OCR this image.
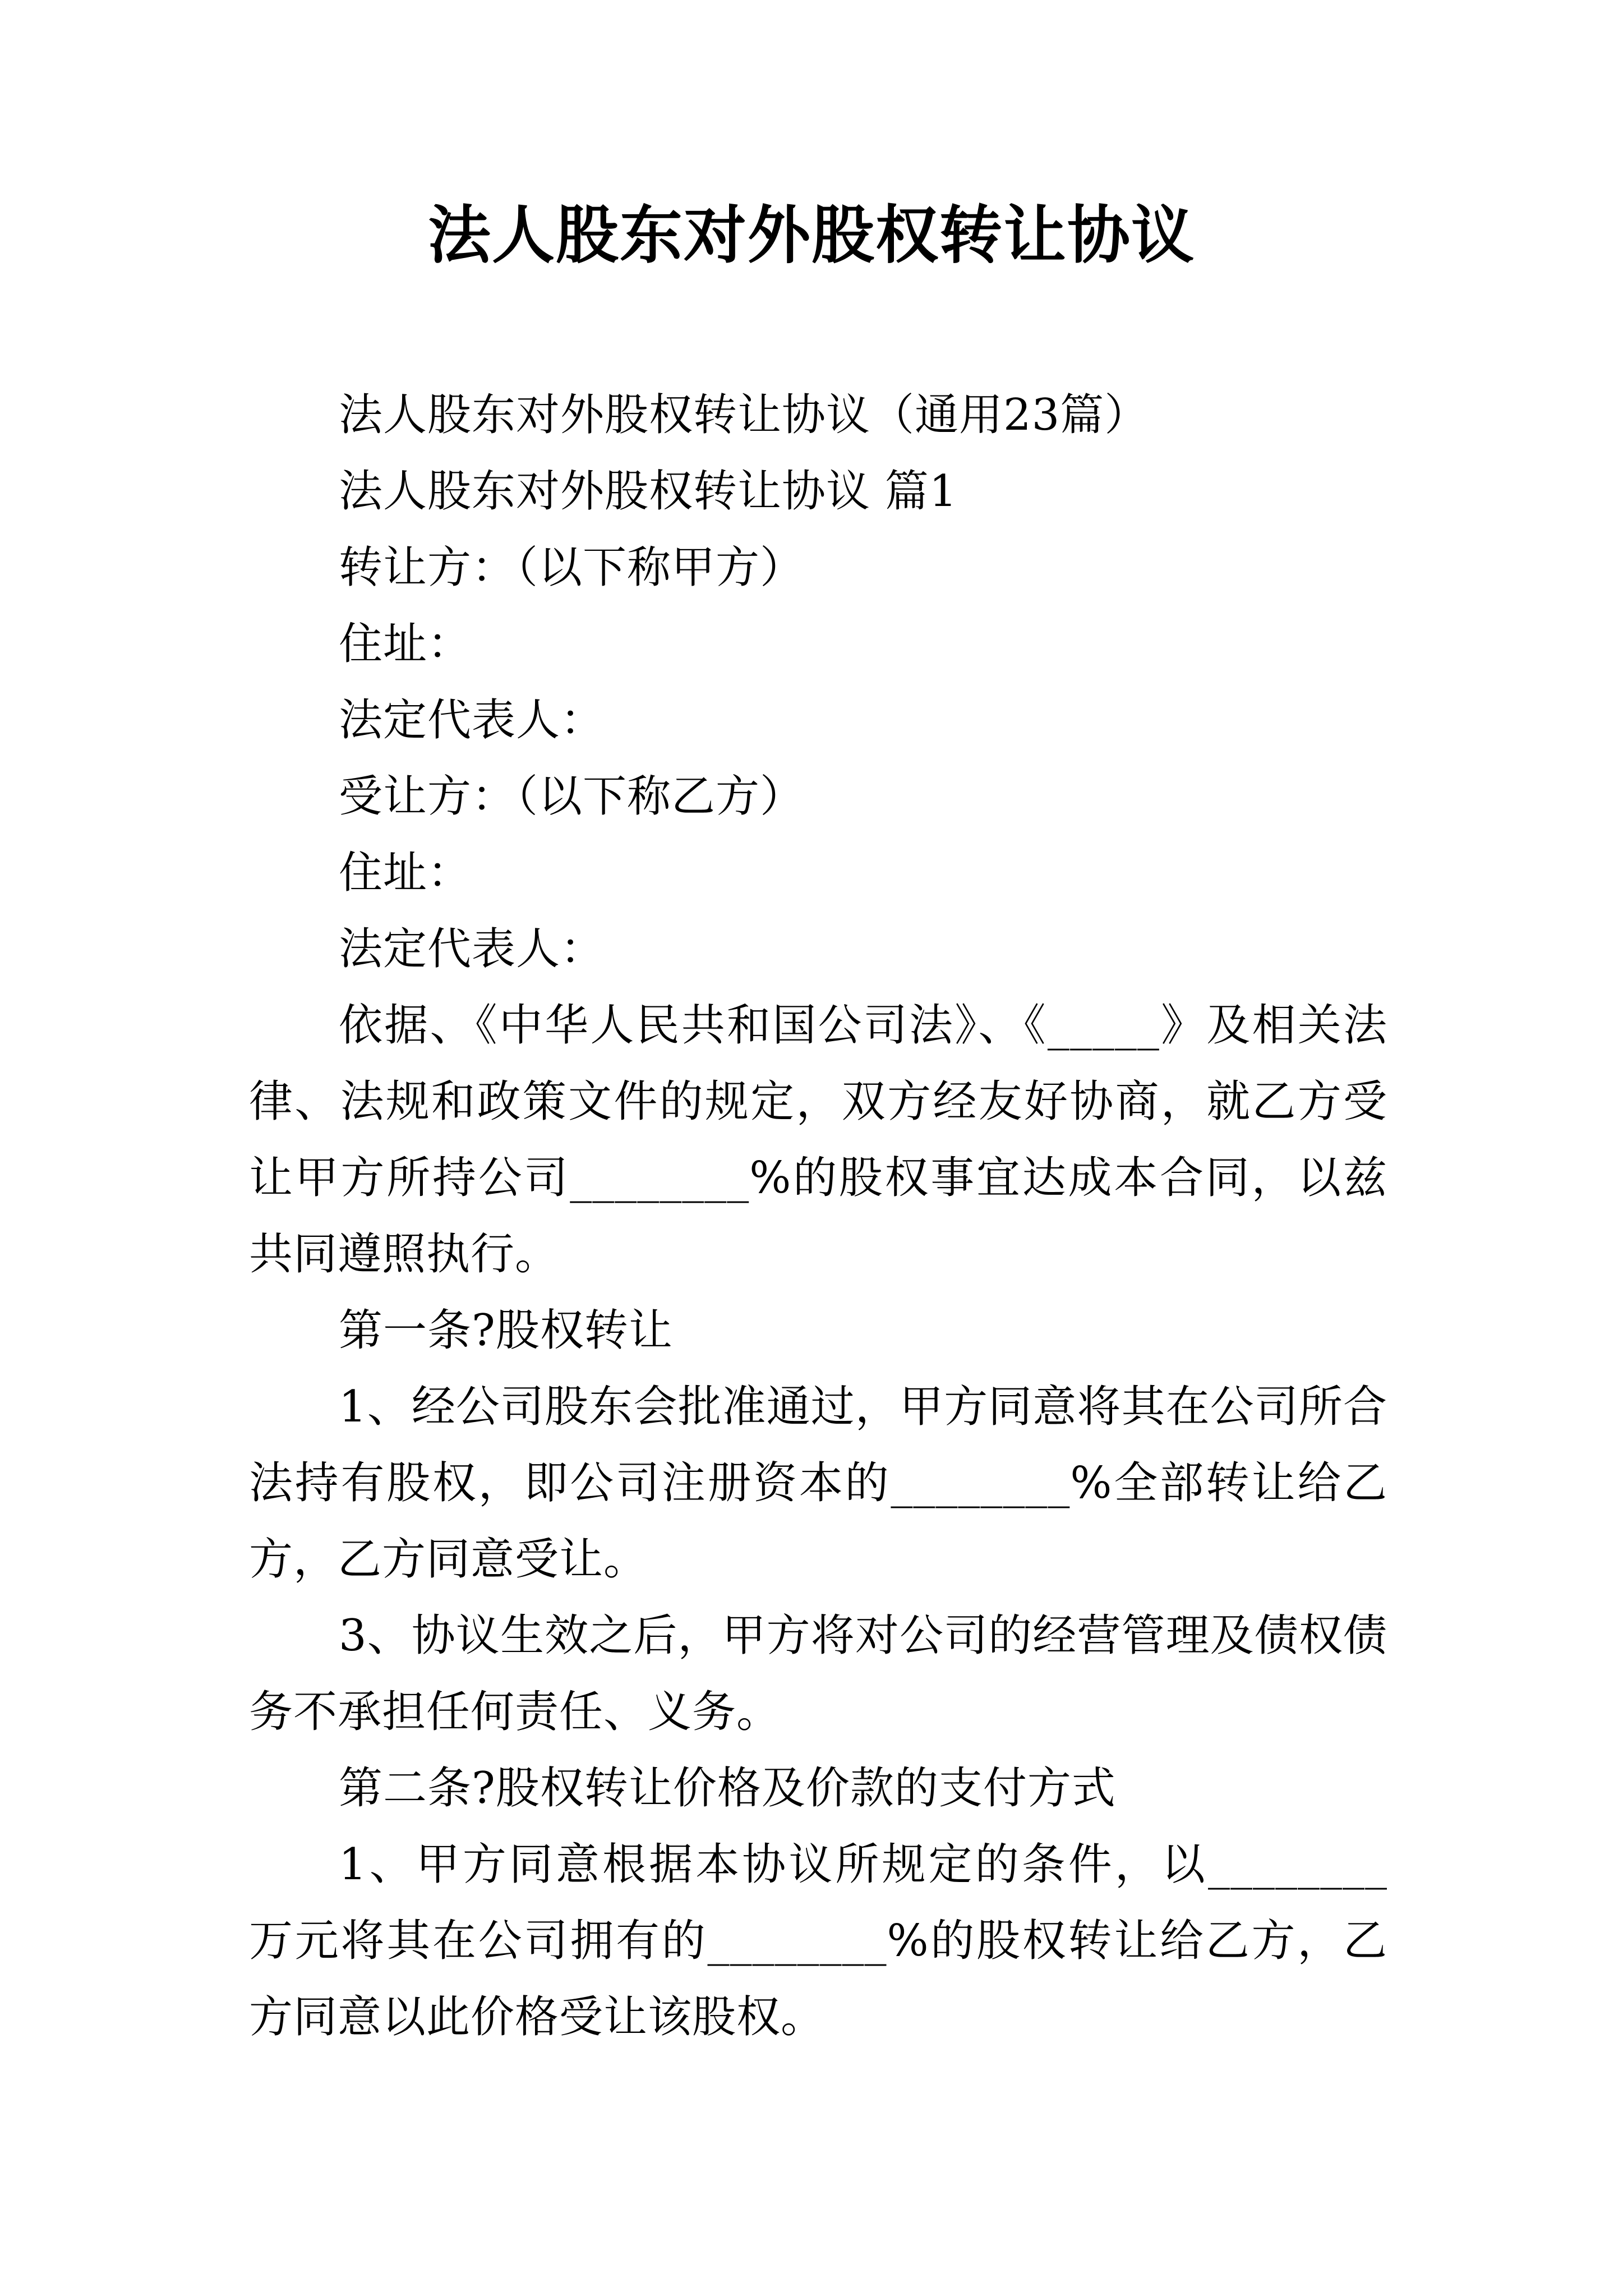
法人股东对外股权转让协议

法人股东对外股权转让协议（通用23篇）

法人股东对外股权转让协议 篇1

转让方：（以下称甲方）

住址：

法定代表人：

受让方：（以下称乙方）

住址：

法定代表人：

依据、《中华人民共和国公司法》、《_____》及相关法律、法规和政策文件的规定，双方经友好协商，就乙方受让甲方所持公司________%的股权事宜达成本合同，以兹共同遵照执行。

第一条?股权转让

1、经公司股东会批准通过，甲方同意将其在公司所合法持有股权，即公司注册资本的________%全部转让给乙方，乙方同意受让。

3、协议生效之后，甲方将对公司的经营管理及债权债务不承担任何责任、义务。

第二条?股权转让价格及价款的支付方式

1、甲方同意根据本协议所规定的条件，以________万元将其在公司拥有的________%的股权转让给乙方，乙方同意以此价格受让该股权。
